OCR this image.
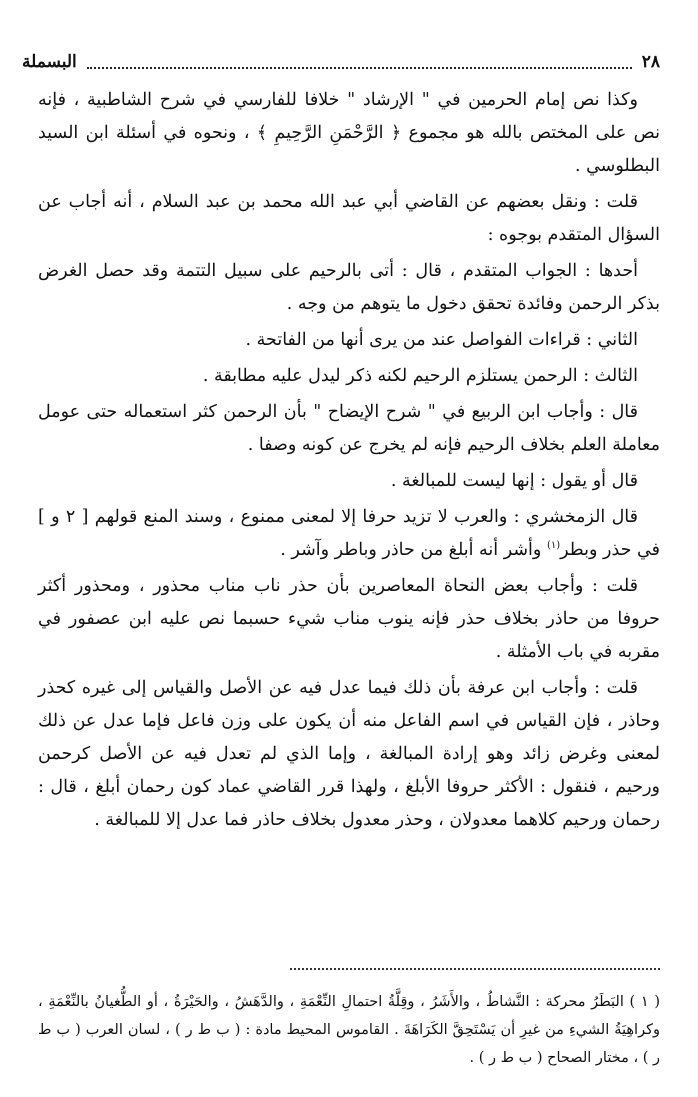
٢٨
البسملة

وكذا نص إمام الحرمين في " الإرشاد " خلافا للفارسي في شرح الشاطبية ، فإنه نص على المختص بالله هو مجموع ﴿ الرَّحْمَنِ الرَّحِيمِ ﴾ ، ونحوه في أسئلة ابن السيد البطلوسي .

قلت : ونقل بعضهم عن القاضي أبي عبد الله محمد بن عبد السلام ، أنه أجاب عن السؤال المتقدم بوجوه :

أحدها : الجواب المتقدم ، قال : أتى بالرحيم على سبيل التتمة وقد حصل الغرض بذكر الرحمن وفائدة تحقق دخول ما يتوهم من وجه .

الثاني : قراءات الفواصل عند من يرى أنها من الفاتحة .

الثالث : الرحمن يستلزم الرحيم لكنه ذكر ليدل عليه مطابقة .

قال : وأجاب ابن الربيع في " شرح الإيضاح " بأن الرحمن كثر استعماله حتى عومل معاملة العلم بخلاف الرحيم فإنه لم يخرج عن كونه وصفا .

قال أو يقول : إنها ليست للمبالغة .

قال الزمخشري : والعرب لا تزيد حرفا إلا لمعنى ممنوع ، وسند المنع قولهم [ ٢ و ] في حذر وبطر$^{(١)}$ وأشر أنه أبلغ من حاذر وباطر وآشر .

قلت : وأجاب بعض النحاة المعاصرين بأن حذر ناب مناب محذور ، ومحذور أكثر حروفا من حاذر بخلاف حذر فإنه ينوب مناب شيء حسبما نص عليه ابن عصفور في مقربه في باب الأمثلة .

قلت : وأجاب ابن عرفة بأن ذلك فيما عدل فيه عن الأصل والقياس إلى غيره كحذر وحاذر ، فإن القياس في اسم الفاعل منه أن يكون على وزن فاعل فإما عدل عن ذلك لمعنى وغرض زائد وهو إرادة المبالغة ، وإما الذي لم تعدل فيه عن الأصل كرحمن ورحيم ، فنقول : الأكثر حروفا الأبلغ ، ولهذا قرر القاضي عماد كون رحمان أبلغ ، قال : رحمان ورحيم كلاهما معدولان ، وحذر معدول بخلاف حاذر فما عدل إلا للمبالغة .

( ١ ) البَطَرُ محركة : النَّشاطُ ، والأَشَرُ ، وقِلَّةُ احتمالِ النِّعْمَةِ ، والدَّهَشُ ، والحَيْرَةُ ، أو الطُّغيانُ بالنِّعْمَةِ ، وكراهِيَةُ الشيءِ من غيرِ أن يَسْتَحِقَّ الكَرَاهَةَ . القاموس المحيط مادة : ( ب ط ر ) ، لسان العرب ( ب ط ر ) ، مختار الصحاح ( ب ط ر ) .
